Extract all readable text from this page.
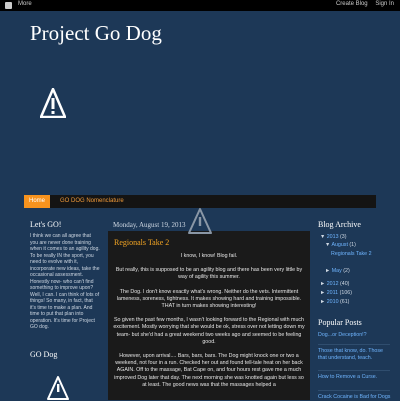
More	Create Blog Sign In
Project Go Dog
Home	GO DOG Nomenclature
Let's GO!

I think we can all agree that you are never done training when it comes to an agility dog. To be really IN the sport, you need to evolve with it, incorporate new ideas, take the occasional assessment. Honestly now- who can't find something to improve upon? Well, I can. I can think of lots of things! So many, in fact, that it's time to make a plan. And time to put that plan into operation. It's time for Project GO dog.

GO Dog
Monday, August 19, 2013
Regionals Take 2

I know, I know! Blog fail.

But really, this is supposed to be an agility blog and there has been very little by way of agility this summer.

The Dog. I don't know exactly what's wrong. Neither do the vets. Intermittent lameness, soreness, tightness. It makes showing hard and training impossible. THAT in turn makes showing interesting!

So given the past few months, I wasn't looking forward to the Regional with much excitement. Mostly worrying that she would be ok, stress over not letting down my team- but she'd had a great weekend two weeks ago and seemed to be feeling good.

However, upon arrival.... Bars, bars, bars. The Dog might knock one or two a weekend, not four in a run. Checked her out and found tell-tale heat on her back AGAIN. Off to the massage, Bat Cape on, and four hours rest gave me a much improved Dog later that day. The next morning she was knotted again but less so at least. The good news was that the massages helped a

Blog Archive
▼ 2013 (3)
▼ August (1)
Regionals Take 2
► May (2)
► 2012 (40)
► 2011 (106)
► 2010 (61)
Popular Posts
Dog...or Deception!?
Those that know, do. Those that understand, teach.
How to Remove a Curse.
Crack Cocaine is Bad for Dogs
